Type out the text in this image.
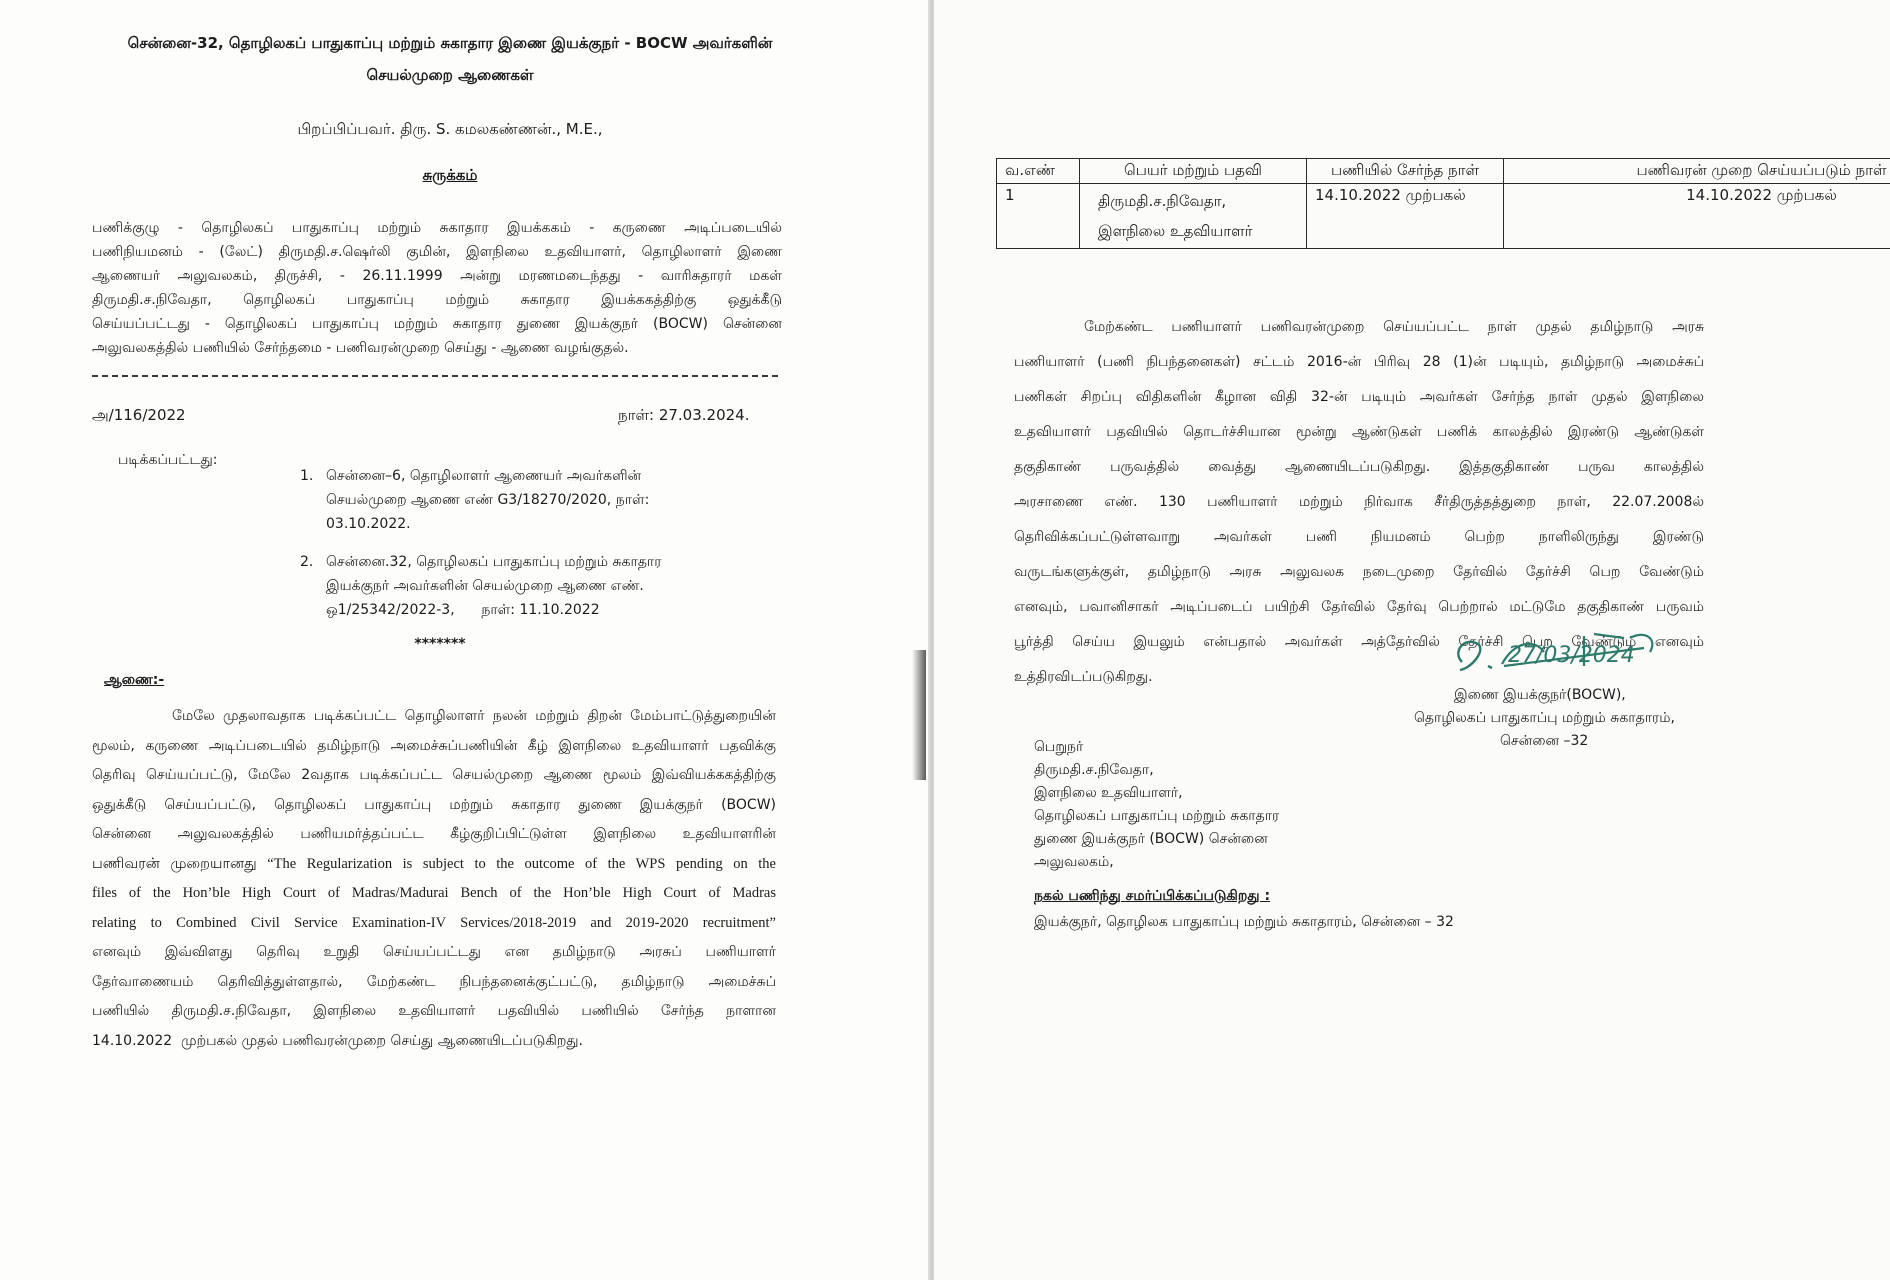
சென்னை-32, தொழிலகப் பாதுகாப்பு மற்றும் சுகாதார இணை இயக்குநர் - BOCW அவர்களின்
செயல்முறை ஆணைகள்
பிறப்பிப்பவர். திரு. S. கமலகண்ணன்., M.E.,
சுருக்கம்
பணிக்குழு - தொழிலகப் பாதுகாப்பு மற்றும் சுகாதார இயக்ககம் - கருணை அடிப்படையில்
பணிநியமனம் - (லேட்) திருமதி.ச.ஷெர்லி குமின், இளநிலை உதவியாளர், தொழிலாளர் இணை
ஆணையர் அலுவலகம், திருச்சி, - 26.11.1999 அன்று மரணமடைந்தது - வாரிசுதாரர் மகள்
திருமதி.ச.நிவேதா, தொழிலகப் பாதுகாப்பு மற்றும் சுகாதார இயக்ககத்திற்கு ஒதுக்கீடு
செய்யப்பட்டது - தொழிலகப் பாதுகாப்பு மற்றும் சுகாதார துணை இயக்குநர் (BOCW) சென்னை
அலுவலகத்தில் பணியில் சேர்ந்தமை - பணிவரன்முறை செய்து - ஆணை வழங்குதல்.
அ/116/2022	நாள்: 27.03.2024.
படிக்கப்பட்டது:
1. சென்னை–6, தொழிலாளர் ஆணையர் அவர்களின்
செயல்முறை ஆணை எண் G3/18270/2020, நாள்:
03.10.2022.
2. சென்னை.32, தொழிலகப் பாதுகாப்பு மற்றும் சுகாதார
இயக்குநர் அவர்களின் செயல்முறை ஆணை எண்.
ஒ1/25342/2022-3,      நாள்: 11.10.2022
*******
ஆணை:-
மேலே முதலாவதாக படிக்கப்பட்ட தொழிலாளர் நலன் மற்றும் திறன் மேம்பாட்டுத்துறையின்
மூலம், கருணை அடிப்படையில் தமிழ்நாடு அமைச்சுப்பணியின் கீழ் இளநிலை உதவியாளர் பதவிக்கு
தெரிவு செய்யப்பட்டு, மேலே 2வதாக படிக்கப்பட்ட செயல்முறை ஆணை மூலம் இவ்வியக்ககத்திற்கு
ஒதுக்கீடு செய்யப்பட்டு, தொழிலகப் பாதுகாப்பு மற்றும் சுகாதார துணை இயக்குநர் (BOCW)
சென்னை அலுவலகத்தில் பணியமர்த்தப்பட்ட கீழ்குறிப்பிட்டுள்ள இளநிலை உதவியாளரின்
பணிவரன் முறையானது “The Regularization is subject to the outcome of the WPS pending on the
files of the Hon’ble High Court of Madras/Madurai Bench of the Hon’ble High Court of Madras
relating to Combined Civil Service Examination-IV Services/2018-2019 and 2019-2020 recruitment”
எனவும் இவ்விளது தெரிவு உறுதி செய்யப்பட்டது என தமிழ்நாடு அரசுப் பணியாளர்
தேர்வாணையம் தெரிவித்துள்ளதால், மேற்கண்ட நிபந்தனைக்குட்பட்டு, தமிழ்நாடு அமைச்சுப்
பணியில் திருமதி.ச.நிவேதா, இளநிலை உதவியாளர் பதவியில் பணியில் சேர்ந்த நாளான
14.10.2022  முற்பகல் முதல் பணிவரன்முறை செய்து ஆணையிடப்படுகிறது.
வ.எண்	பெயர் மற்றும் பதவி	பணியில் சேர்ந்த நாள்	பணிவரன் முறை செய்யப்படும் நாள்
1	திருமதி.ச.நிவேதா,
இளநிலை உதவியாளர்	14.10.2022 முற்பகல்	14.10.2022 முற்பகல்
மேற்கண்ட பணியாளர் பணிவரன்முறை செய்யப்பட்ட நாள் முதல் தமிழ்நாடு அரசு
பணியாளர் (பணி நிபந்தனைகள்) சட்டம் 2016-ன் பிரிவு 28 (1)ன் படியும், தமிழ்நாடு அமைச்சுப்
பணிகள் சிறப்பு விதிகளின் கீழான விதி 32-ன் படியும் அவர்கள் சேர்ந்த நாள் முதல் இளநிலை
உதவியாளர் பதவியில் தொடர்ச்சியான மூன்று ஆண்டுகள் பணிக் காலத்தில் இரண்டு ஆண்டுகள்
தகுதிகாண் பருவத்தில் வைத்து ஆணையிடப்படுகிறது. இத்தகுதிகாண் பருவ காலத்தில்
அரசாணை எண். 130 பணியாளர் மற்றும் நிர்வாக சீர்திருத்தத்துறை நாள், 22.07.2008ல்
தெரிவிக்கப்பட்டுள்ளவாறு அவர்கள் பணி நியமனம் பெற்ற நாளிலிருந்து இரண்டு
வருடங்களுக்குள், தமிழ்நாடு அரசு அலுவலக நடைமுறை தேர்வில் தேர்ச்சி பெற வேண்டும்
எனவும், பவானிசாகர் அடிப்படைப் பயிற்சி தேர்வில் தேர்வு பெற்றால் மட்டுமே தகுதிகாண் பருவம்
பூர்த்தி செய்ய இயலும் என்பதால் அவர்கள் அத்தேர்வில் தேர்ச்சி பெற வேண்டும் எனவும்
உத்திரவிடப்படுகிறது.
27/03/2024
இணை இயக்குநர்(BOCW),
தொழிலகப் பாதுகாப்பு மற்றும் சுகாதாரம்,
சென்னை –32
பெறுநர்
திருமதி.ச.நிவேதா,
இளநிலை உதவியாளர்,
தொழிலகப் பாதுகாப்பு மற்றும் சுகாதார
துணை இயக்குநர் (BOCW) சென்னை
அலுவலகம்,
நகல் பணிந்து சமர்ப்பிக்கப்படுகிறது :
இயக்குநர், தொழிலக பாதுகாப்பு மற்றும் சுகாதாரம், சென்னை – 32
